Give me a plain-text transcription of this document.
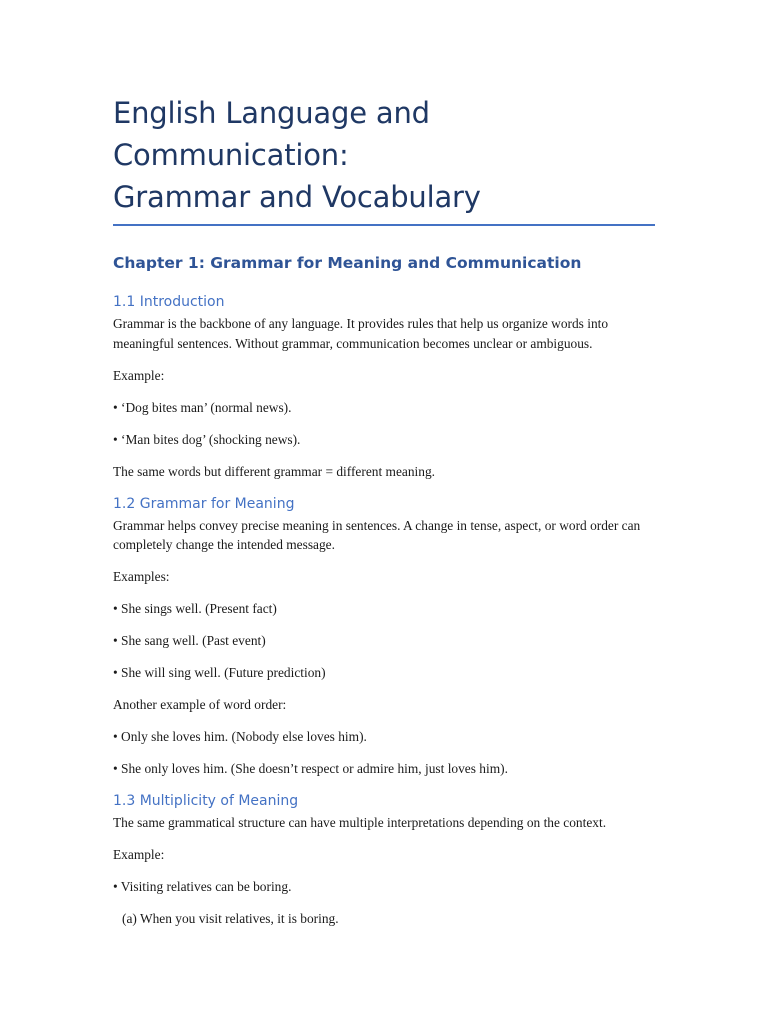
English Language and Communication:
Grammar and Vocabulary
Chapter 1: Grammar for Meaning and Communication
1.1 Introduction

Grammar is the backbone of any language. It provides rules that help us organize words into meaningful sentences. Without grammar, communication becomes unclear or ambiguous.

Example:

• ‘Dog bites man’ (normal news).

• ‘Man bites dog’ (shocking news).

The same words but different grammar = different meaning.

1.2 Grammar for Meaning

Grammar helps convey precise meaning in sentences. A change in tense, aspect, or word order can completely change the intended message.

Examples:

• She sings well. (Present fact)

• She sang well. (Past event)

• She will sing well. (Future prediction)

Another example of word order:

• Only she loves him. (Nobody else loves him).

• She only loves him. (She doesn’t respect or admire him, just loves him).

1.3 Multiplicity of Meaning

The same grammatical structure can have multiple interpretations depending on the context.

Example:

• Visiting relatives can be boring.

(a) When you visit relatives, it is boring.
